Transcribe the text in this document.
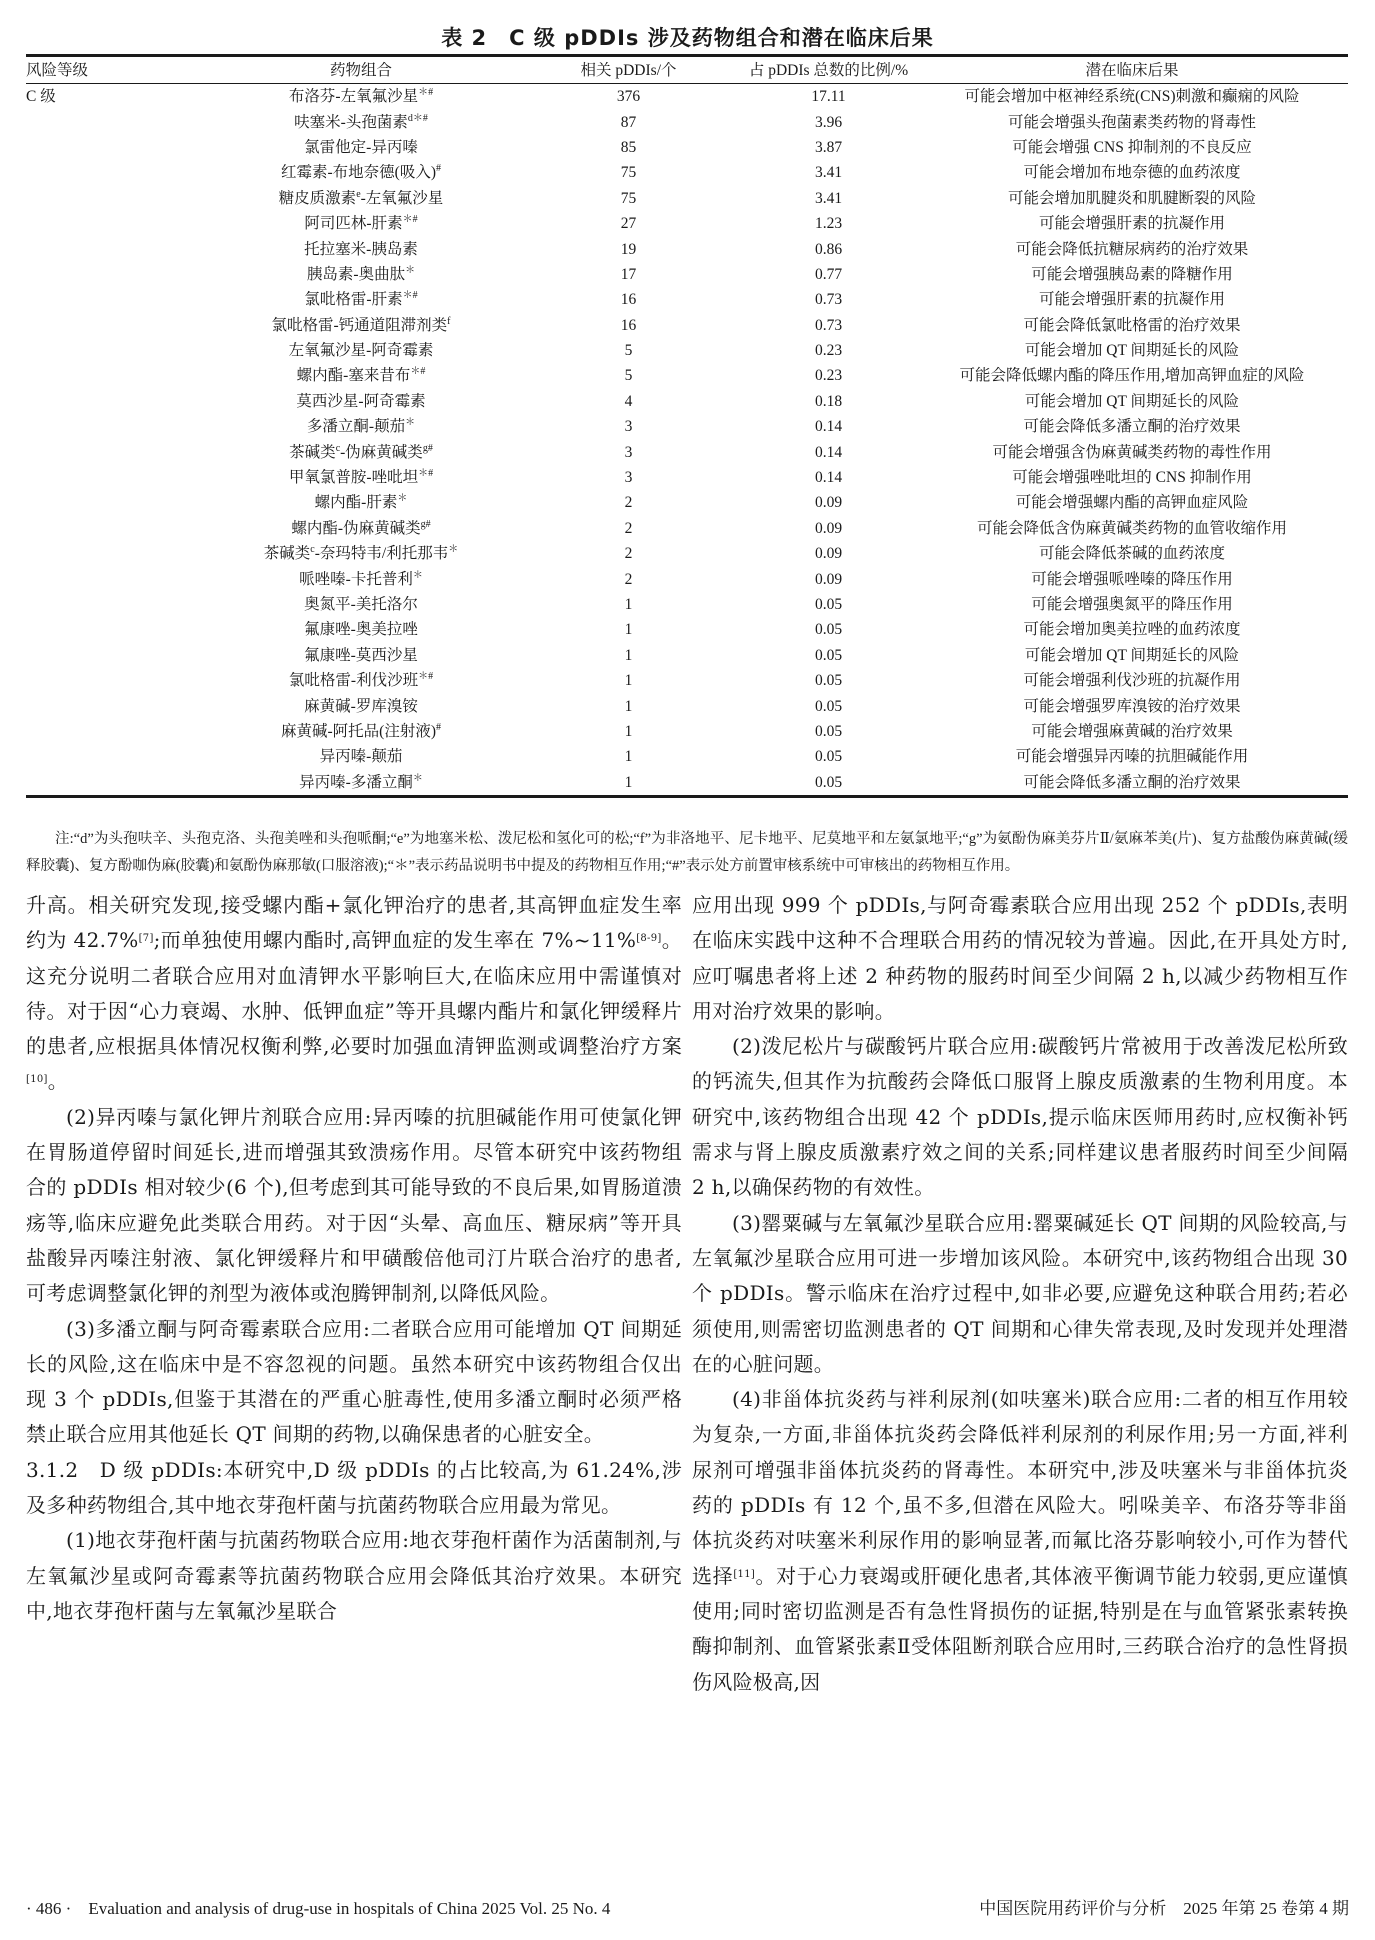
表 2　C 级 pDDIs 涉及药物组合和潜在临床后果
风险等级	药物组合	相关 pDDIs/个	占 pDDIs 总数的比例/%	潜在临床后果
C 级	布洛芬-左氧氟沙星＊#	376	17.11	可能会增加中枢神经系统(CNS)刺激和癫痫的风险
呋塞米-头孢菌素$^{d*\#}$	87	3.96	可能会增强头孢菌素类药物的肾毒性
氯雷他定-异丙嗪	85	3.87	可能会增强 CNS 抑制剂的不良反应
红霉素-布地奈德(吸入)#	75	3.41	可能会增加布地奈德的血药浓度
糖皮质激素$^e$-左氧氟沙星	75	3.41	可能会增加肌腱炎和肌腱断裂的风险
阿司匹林-肝素＊#	27	1.23	可能会增强肝素的抗凝作用
托拉塞米-胰岛素	19	0.86	可能会降低抗糖尿病药的治疗效果
胰岛素-奥曲肽＊	17	0.77	可能会增强胰岛素的降糖作用
氯吡格雷-肝素＊#	16	0.73	可能会增强肝素的抗凝作用
氯吡格雷-钙通道阻滞剂类$^f$	16	0.73	可能会降低氯吡格雷的治疗效果
左氧氟沙星-阿奇霉素	5	0.23	可能会增加 QT 间期延长的风险
螺内酯-塞来昔布＊#	5	0.23	可能会降低螺内酯的降压作用,增加高钾血症的风险
莫西沙星-阿奇霉素	4	0.18	可能会增加 QT 间期延长的风险
多潘立酮-颠茄＊	3	0.14	可能会降低多潘立酮的治疗效果
茶碱类$^c$-伪麻黄碱类$^{g\#}$	3	0.14	可能会增强含伪麻黄碱类药物的毒性作用
甲氧氯普胺-唑吡坦＊#	3	0.14	可能会增强唑吡坦的 CNS 抑制作用
螺内酯-肝素＊	2	0.09	可能会增强螺内酯的高钾血症风险
螺内酯-伪麻黄碱类$^{g\#}$	2	0.09	可能会降低含伪麻黄碱类药物的血管收缩作用
茶碱类$^c$-奈玛特韦/利托那韦＊	2	0.09	可能会降低茶碱的血药浓度
哌唑嗪-卡托普利＊	2	0.09	可能会增强哌唑嗪的降压作用
奥氮平-美托洛尔	1	0.05	可能会增强奥氮平的降压作用
氟康唑-奥美拉唑	1	0.05	可能会增加奥美拉唑的血药浓度
氟康唑-莫西沙星	1	0.05	可能会增加 QT 间期延长的风险
氯吡格雷-利伐沙班＊#	1	0.05	可能会增强利伐沙班的抗凝作用
麻黄碱-罗库溴铵	1	0.05	可能会增强罗库溴铵的治疗效果
麻黄碱-阿托品(注射液)#	1	0.05	可能会增强麻黄碱的治疗效果
异丙嗪-颠茄	1	0.05	可能会增强异丙嗪的抗胆碱能作用
异丙嗪-多潘立酮＊	1	0.05	可能会降低多潘立酮的治疗效果
注:“d”为头孢呋辛、头孢克洛、头孢美唑和头孢哌酮;“e”为地塞米松、泼尼松和氢化可的松;“f”为非洛地平、尼卡地平、尼莫地平和左氨氯地平;“g”为氨酚伪麻美芬片Ⅱ/氨麻苯美(片)、复方盐酸伪麻黄碱(缓释胶囊)、复方酚咖伪麻(胶囊)和氨酚伪麻那敏(口服溶液);“＊”表示药品说明书中提及的药物相互作用;“#”表示处方前置审核系统中可审核出的药物相互作用。

升高。相关研究发现,接受螺内酯+氯化钾治疗的患者,其高钾血症发生率约为 42.7%[7];而单独使用螺内酯时,高钾血症的发生率在 7%~11%[8-9]。这充分说明二者联合应用对血清钾水平影响巨大,在临床应用中需谨慎对待。对于因“心力衰竭、水肿、低钾血症”等开具螺内酯片和氯化钾缓释片的患者,应根据具体情况权衡利弊,必要时加强血清钾监测或调整治疗方案[10]。

(2)异丙嗪与氯化钾片剂联合应用:异丙嗪的抗胆碱能作用可使氯化钾在胃肠道停留时间延长,进而增强其致溃疡作用。尽管本研究中该药物组合的 pDDIs 相对较少(6 个),但考虑到其可能导致的不良后果,如胃肠道溃疡等,临床应避免此类联合用药。对于因“头晕、高血压、糖尿病”等开具盐酸异丙嗪注射液、氯化钾缓释片和甲磺酸倍他司汀片联合治疗的患者,可考虑调整氯化钾的剂型为液体或泡腾钾制剂,以降低风险。

(3)多潘立酮与阿奇霉素联合应用:二者联合应用可能增加 QT 间期延长的风险,这在临床中是不容忽视的问题。虽然本研究中该药物组合仅出现 3 个 pDDIs,但鉴于其潜在的严重心脏毒性,使用多潘立酮时必须严格禁止联合应用其他延长 QT 间期的药物,以确保患者的心脏安全。

3.1.2　D 级 pDDIs:本研究中,D 级 pDDIs 的占比较高,为 61.24%,涉及多种药物组合,其中地衣芽孢杆菌与抗菌药物联合应用最为常见。

(1)地衣芽孢杆菌与抗菌药物联合应用:地衣芽孢杆菌作为活菌制剂,与左氧氟沙星或阿奇霉素等抗菌药物联合应用会降低其治疗效果。本研究中,地衣芽孢杆菌与左氧氟沙星联合

应用出现 999 个 pDDIs,与阿奇霉素联合应用出现 252 个 pDDIs,表明在临床实践中这种不合理联合用药的情况较为普遍。因此,在开具处方时,应叮嘱患者将上述 2 种药物的服药时间至少间隔 2 h,以减少药物相互作用对治疗效果的影响。

(2)泼尼松片与碳酸钙片联合应用:碳酸钙片常被用于改善泼尼松所致的钙流失,但其作为抗酸药会降低口服肾上腺皮质激素的生物利用度。本研究中,该药物组合出现 42 个 pDDIs,提示临床医师用药时,应权衡补钙需求与肾上腺皮质激素疗效之间的关系;同样建议患者服药时间至少间隔 2 h,以确保药物的有效性。

(3)罂粟碱与左氧氟沙星联合应用:罂粟碱延长 QT 间期的风险较高,与左氧氟沙星联合应用可进一步增加该风险。本研究中,该药物组合出现 30 个 pDDIs。警示临床在治疗过程中,如非必要,应避免这种联合用药;若必须使用,则需密切监测患者的 QT 间期和心律失常表现,及时发现并处理潜在的心脏问题。

(4)非甾体抗炎药与袢利尿剂(如呋塞米)联合应用:二者的相互作用较为复杂,一方面,非甾体抗炎药会降低袢利尿剂的利尿作用;另一方面,袢利尿剂可增强非甾体抗炎药的肾毒性。本研究中,涉及呋塞米与非甾体抗炎药的 pDDIs 有 12 个,虽不多,但潜在风险大。吲哚美辛、布洛芬等非甾体抗炎药对呋塞米利尿作用的影响显著,而氟比洛芬影响较小,可作为替代选择[11]。对于心力衰竭或肝硬化患者,其体液平衡调节能力较弱,更应谨慎使用;同时密切监测是否有急性肾损伤的证据,特别是在与血管紧张素转换酶抑制剂、血管紧张素Ⅱ受体阻断剂联合应用时,三药联合治疗的急性肾损伤风险极高,因

· 486 ·　Evaluation and analysis of drug-use in hospitals of China 2025 Vol. 25 No. 4	中国医院用药评价与分析　2025 年第 25 卷第 4 期
